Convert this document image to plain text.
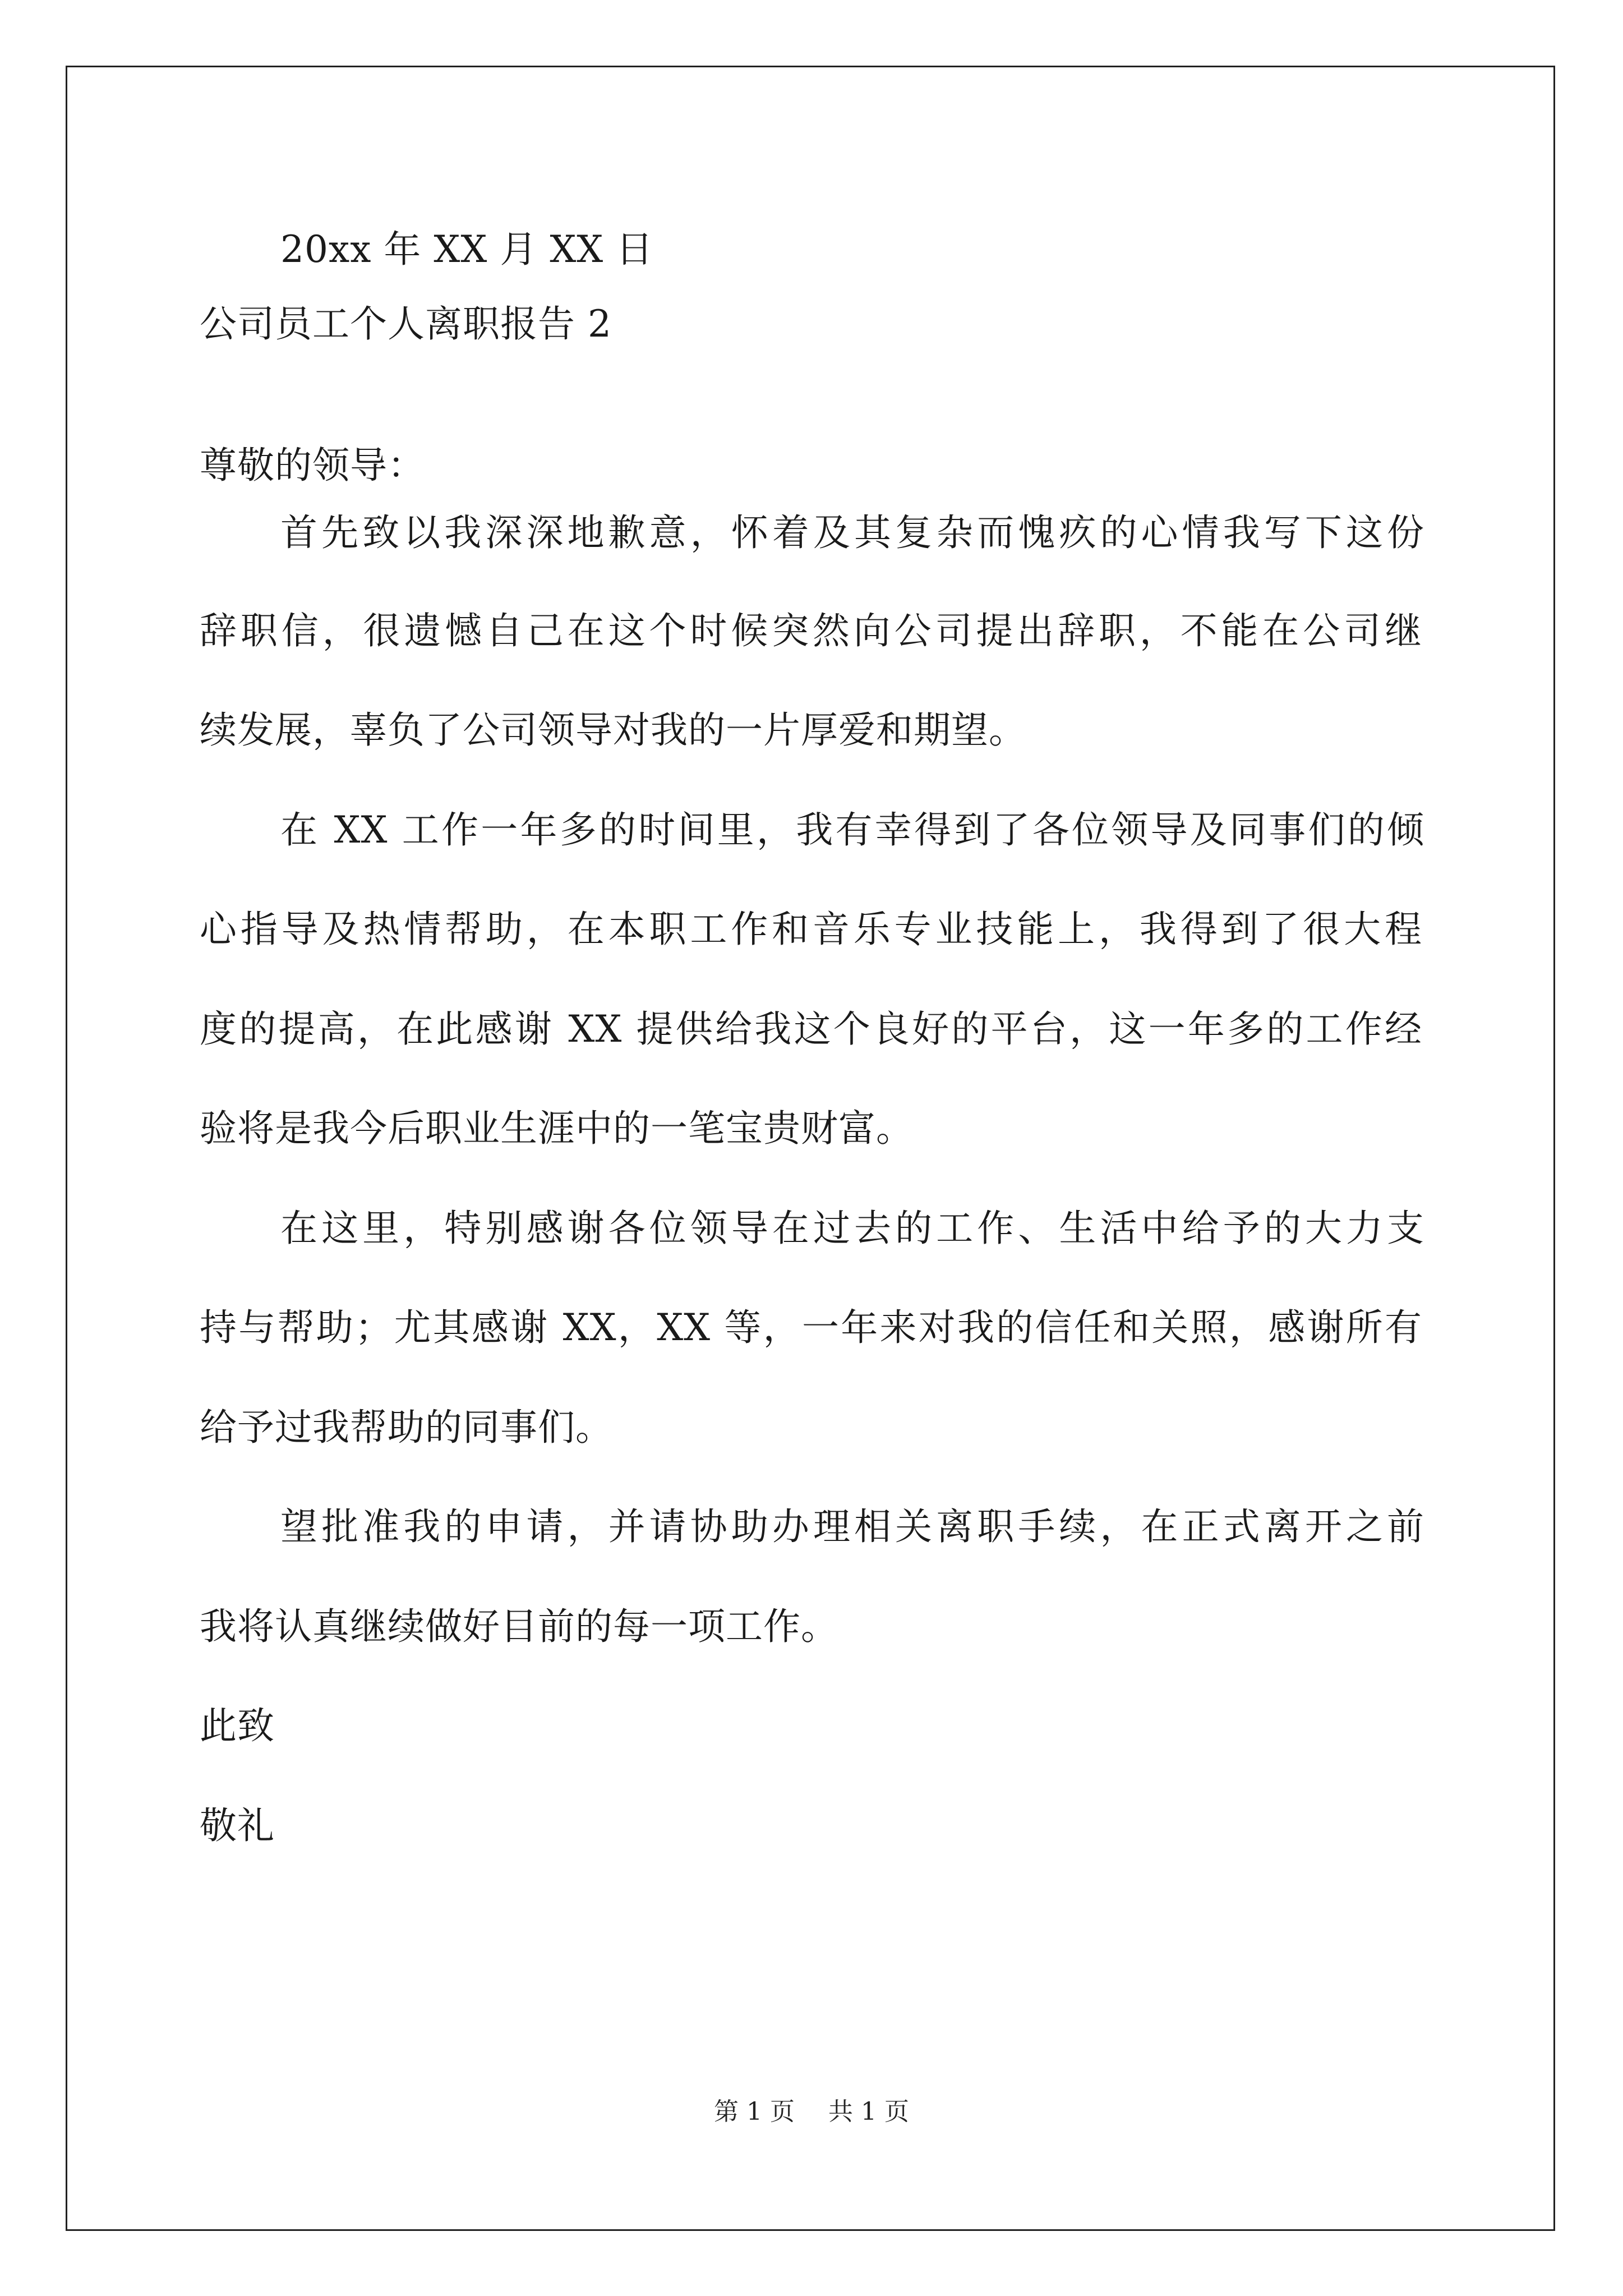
20xx 年 XX 月 XX 日
公司员工个人离职报告 2
尊敬的领导：
首先致以我深深地歉意，怀着及其复杂而愧疚的心情我写下这份
辞职信，很遗憾自己在这个时候突然向公司提出辞职，不能在公司继
续发展，辜负了公司领导对我的一片厚爱和期望。
在 XX 工作一年多的时间里，我有幸得到了各位领导及同事们的倾
心指导及热情帮助，在本职工作和音乐专业技能上，我得到了很大程
度的提高，在此感谢 XX 提供给我这个良好的平台，这一年多的工作经
验将是我今后职业生涯中的一笔宝贵财富。
在这里，特别感谢各位领导在过去的工作、生活中给予的大力支
持与帮助；尤其感谢 XX，XX 等，一年来对我的信任和关照，感谢所有
给予过我帮助的同事们。
望批准我的申请，并请协助办理相关离职手续，在正式离开之前
我将认真继续做好目前的每一项工作。
此致
敬礼
第 1 页 共 1 页
